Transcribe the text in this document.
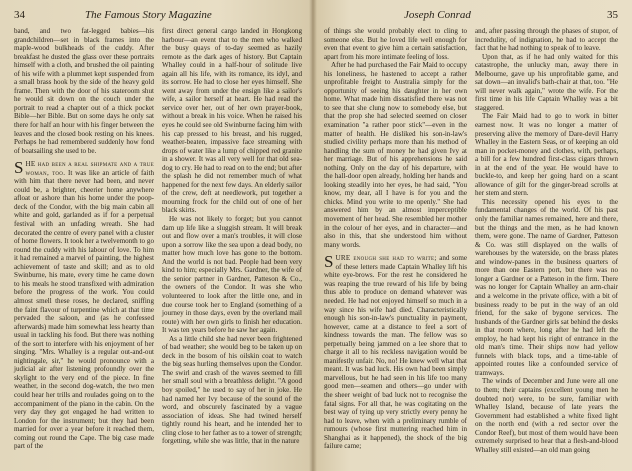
34	The Famous Story Magazine

band, and two fat-legged babies—his grandchildren—set in black frames into the maple-wood bulkheads of the cuddy. After breakfast he dusted the glass over these portraits himself with a cloth, and brushed the oil painting of his wife with a plummet kept suspended from a small brass hook by the side of the heavy gold frame. Then with the door of his stateroom shut he would sit down on the couch under the portrait to read a chapter out of a thick pocket Bible—her Bible. But on some days he only sat there for half an hour with his finger between the leaves and the closed book resting on his knees. Perhaps he had remembered suddenly how fond of boatsailing she used to be.

SHE had been a real shipmate and a true woman, too. It was like an article of faith with him that there never had been, and never could be, a brighter, cheerier home anywhere afloat or ashore than his home under the poop-deck of the Condor, with the big main cabin all white and gold, garlanded as if for a perpetual festival with an unfading wreath. She had decorated the centre of every panel with a cluster of home flowers. It took her a twelvemonth to go round the cuddy with his labour of love. To him it had remained a marvel of painting, the highest achievement of taste and skill; and as to old Swinburne, his mate, every time he came down to his meals he stood transfixed with admiration before the progress of the work. You could almost smell these roses, he declared, sniffing the faint flavour of turpentine which at that time pervaded the saloon, and (as he confessed afterwards) made him somewhat less hearty than usual in tackling his food. But there was nothing of the sort to interfere with his enjoyment of her singing. "Mrs. Whalley is a regular out-and-out nightingale, sir," he would pronounce with a judicial air after listening profoundly over the skylight to the very end of the piece. In fine weather, in the second dog-watch, the two men could hear her trills and roulades going on to the accompaniment of the piano in the cabin. On the very day they got engaged he had written to London for the instrument; but they had been married for over a year before it reached them, coming out round the Cape. The big case made part of the

first direct general cargo landed in Hongkong harbour—an event that to the men who walked the busy quays of to-day seemed as hazily remote as the dark ages of history. But Captain Whalley could in a half-hour of solitude live again all his life, with its romance, its idyl, and its sorrow. He had to close her eyes himself. She went away from under the ensign like a sailor's wife, a sailor herself at heart. He had read the service over her, out of her own prayer-book, without a break in his voice. When he raised his eyes he could see old Swinburne facing him with his cap pressed to his breast, and his rugged, weather-beaten, impassive face streaming with drops of water like a lump of chipped red granite in a shower. It was all very well for that old sea-dog to cry. He had to read on to the end; but after the splash he did not remember much of what happened for the next few days. An elderly sailor of the crew, deft at needlework, put together a mourning frock for the child out of one of her black skirts.

He was not likely to forget; but you cannot dam up life like a sluggish stream. It will break out and flow over a man's troubles, it will close upon a sorrow like the sea upon a dead body, no matter how much love has gone to the bottom. And the world is not bad. People had been very kind to him; especially Mrs. Gardner, the wife of the senior partner in Gardner, Patteson & Co., the owners of the Condor. It was she who volunteered to look after the little one, and in due course took her to England (something of a journey in those days, even by the overland mail route) with her own girls to finish her education. It was ten years before he saw her again.

As a little child she had never been frightened of bad weather; she would beg to be taken up on deck in the bosom of his oilskin coat to watch the big seas hurling themselves upon the Condor. The swirl and crash of the waves seemed to fill her small soul with a breathless delight. "A good boy spoiled," he used to say of her in joke. He had named her Ivy because of the sound of the word, and obscurely fascinated by a vague association of ideas. She had twined herself tightly round his heart, and he intended her to cling close to her father as to a tower of strength; forgetting, while she was little, that in the nature

Joseph Conrad	35

of things she would probably elect to cling to someone else. But he loved life well enough for even that event to give him a certain satisfaction, apart from his more intimate feeling of loss.

After he had purchased the Fair Maid to occupy his loneliness, he hastened to accept a rather unprofitable freight to Australia simply for the opportunity of seeing his daughter in her own home. What made him dissatisfied there was not to see that she clung now to somebody else, but that the prop she had selected seemed on closer examination "a rather poor stick"—even in the matter of health. He disliked his son-in-law's studied civility perhaps more than his method of handling the sum of money he had given Ivy at her marriage. But of his apprehensions he said nothing. Only on the day of his departure, with the hall-door open already, holding her hands and looking steadily into her eyes, he had said, "You know, my dear, all I have is for you and the chicks. Mind you write to me openly." She had answered him by an almost imperceptible movement of her head. She resembled her mother in the colour of her eyes, and in character—and also in this, that she understood him without many words.

SURE enough she had to write; and some of these letters made Captain Whalley lift his white eye-brows. For the rest he considered he was reaping the true reward of his life by being thus able to produce on demand whatever was needed. He had not enjoyed himself so much in a way since his wife had died. Characteristically enough his son-in-law's punctuality in payment, however, came at a distance to feel a sort of kindness towards the man. The fellow was so perpetually being jammed on a lee shore that to charge it all to his reckless navigation would be manifestly unfair. No, no! He knew well what that meant. It was bad luck. His own had been simply marvellous, but he had seen in his life too many good men—seamen and others—go under with the sheer weight of bad luck not to recognise the fatal signs. For all that, he was cogitating on the best way of tying up very strictly every penny he had to leave, when with a preliminary rumble of rumours (whose first muttering reached him in Shanghai as it happened), the shock of the big failure came;

and, after passing through the phases of stupor, of incredulity, of indignation, he had to accept the fact that he had nothing to speak of to leave.

Upon that, as if he had only waited for this catastrophe, the unlucky man, away there in Melbourne, gave up his unprofitable game, and sat down—an invalid's bath-chair at that, too. "He will never walk again," wrote the wife. For the first time in his life Captain Whalley was a bit staggered.

The Fair Maid had to go to work in bitter earnest now. It was no longer a matter of preserving alive the memory of Dare-devil Harry Whalley in the Eastern Seas, or of keeping an old man in pocket-money and clothes, with, perhaps, a bill for a few hundred first-class cigars thrown in at the end of the year. He would have to buckle-to, and keep her going hard on a scant allowance of gilt for the ginger-bread scrolls at her stem and stern.

This necessity opened his eyes to the fundamental changes of the world. Of his past only the familiar names remained, here and there, but the things and the men, as he had known them, were gone. The name of Gardner, Patteson & Co. was still displayed on the walls of warehouses by the waterside, on the brass plates and window-panes in the business quarters of more than one Eastern port, but there was no longer a Gardner or a Patteson in the firm. There was no longer for Captain Whalley an arm-chair and a welcome in the private office, with a bit of business ready to be put in the way of an old friend, for the sake of bygone services. The husbands of the Gardner girls sat behind the desks in that room where, long after he had left the employ, he had kept his right of entrance in the old man's time. Their ships now had yellow funnels with black tops, and a time-table of appointed routes like a confounded service of tramways.

The winds of December and June were all one to them; their captains (excellent young men he doubted not) were, to be sure, familiar with Whalley Island, because of late years the Government had established a white fixed light on the north end (with a red sector over the Condor Reef), but most of them would have been extremely surprised to hear that a flesh-and-blood Whalley still existed—an old man going
